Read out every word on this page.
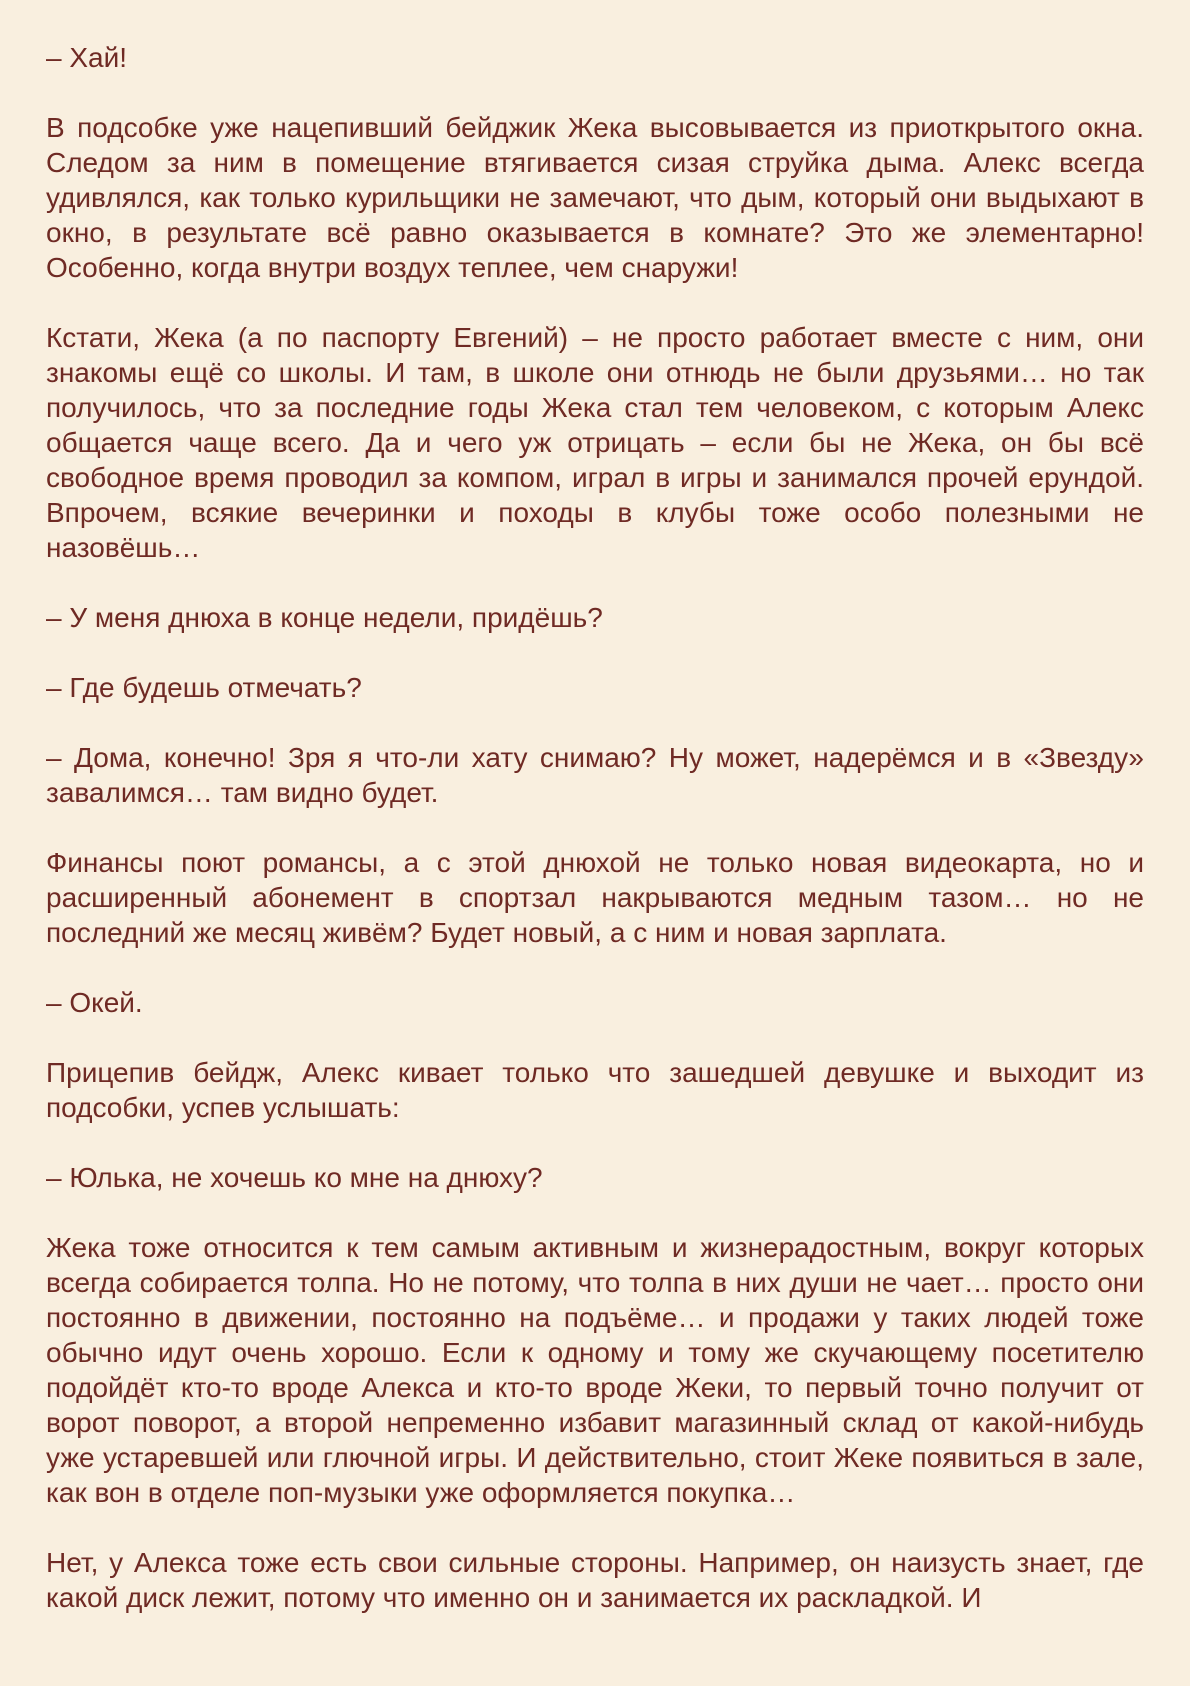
– Хай!

В подсобке уже нацепивший бейджик Жека высовывается из приоткрытого окна. Следом за ним в помещение втягивается сизая струйка дыма. Алекс всегда удивлялся, как только курильщики не замечают, что дым, который они выдыхают в окно, в результате всё равно оказывается в комнате? Это же элементарно! Особенно, когда внутри воздух теплее, чем снаружи!

Кстати, Жека (а по паспорту Евгений) – не просто работает вместе с ним, они знакомы ещё со школы. И там, в школе они отнюдь не были друзьями… но так получилось, что за последние годы Жека стал тем человеком, с которым Алекс общается чаще всего. Да и чего уж отрицать – если бы не Жека, он бы всё свободное время проводил за компом, играл в игры и занимался прочей ерундой. Впрочем, всякие вечеринки и походы в клубы тоже особо полезными не назовёшь…

– У меня днюха в конце недели, придёшь?

– Где будешь отмечать?

– Дома, конечно! Зря я что-ли хату снимаю? Ну может, надерёмся и в «Звезду» завалимся… там видно будет.

Финансы поют романсы, а с этой днюхой не только новая видеокарта, но и расширенный абонемент в спортзал накрываются медным тазом… но не последний же месяц живём? Будет новый, а с ним и новая зарплата.

– Окей.

Прицепив бейдж, Алекс кивает только что зашедшей девушке и выходит из подсобки, успев услышать:

– Юлька, не хочешь ко мне на днюху?

Жека тоже относится к тем самым активным и жизнерадостным, вокруг которых всегда собирается толпа. Но не потому, что толпа в них души не чает… просто они постоянно в движении, постоянно на подъёме… и продажи у таких людей тоже обычно идут очень хорошо. Если к одному и тому же скучающему посетителю подойдёт кто-то вроде Алекса и кто-то вроде Жеки, то первый точно получит от ворот поворот, а второй непременно избавит магазинный склад от какой-нибудь уже устаревшей или глючной игры. И действительно, стоит Жеке появиться в зале, как вон в отделе поп-музыки уже оформляется покупка…

Нет, у Алекса тоже есть свои сильные стороны. Например, он наизусть знает, где какой диск лежит, потому что именно он и занимается их раскладкой. И
